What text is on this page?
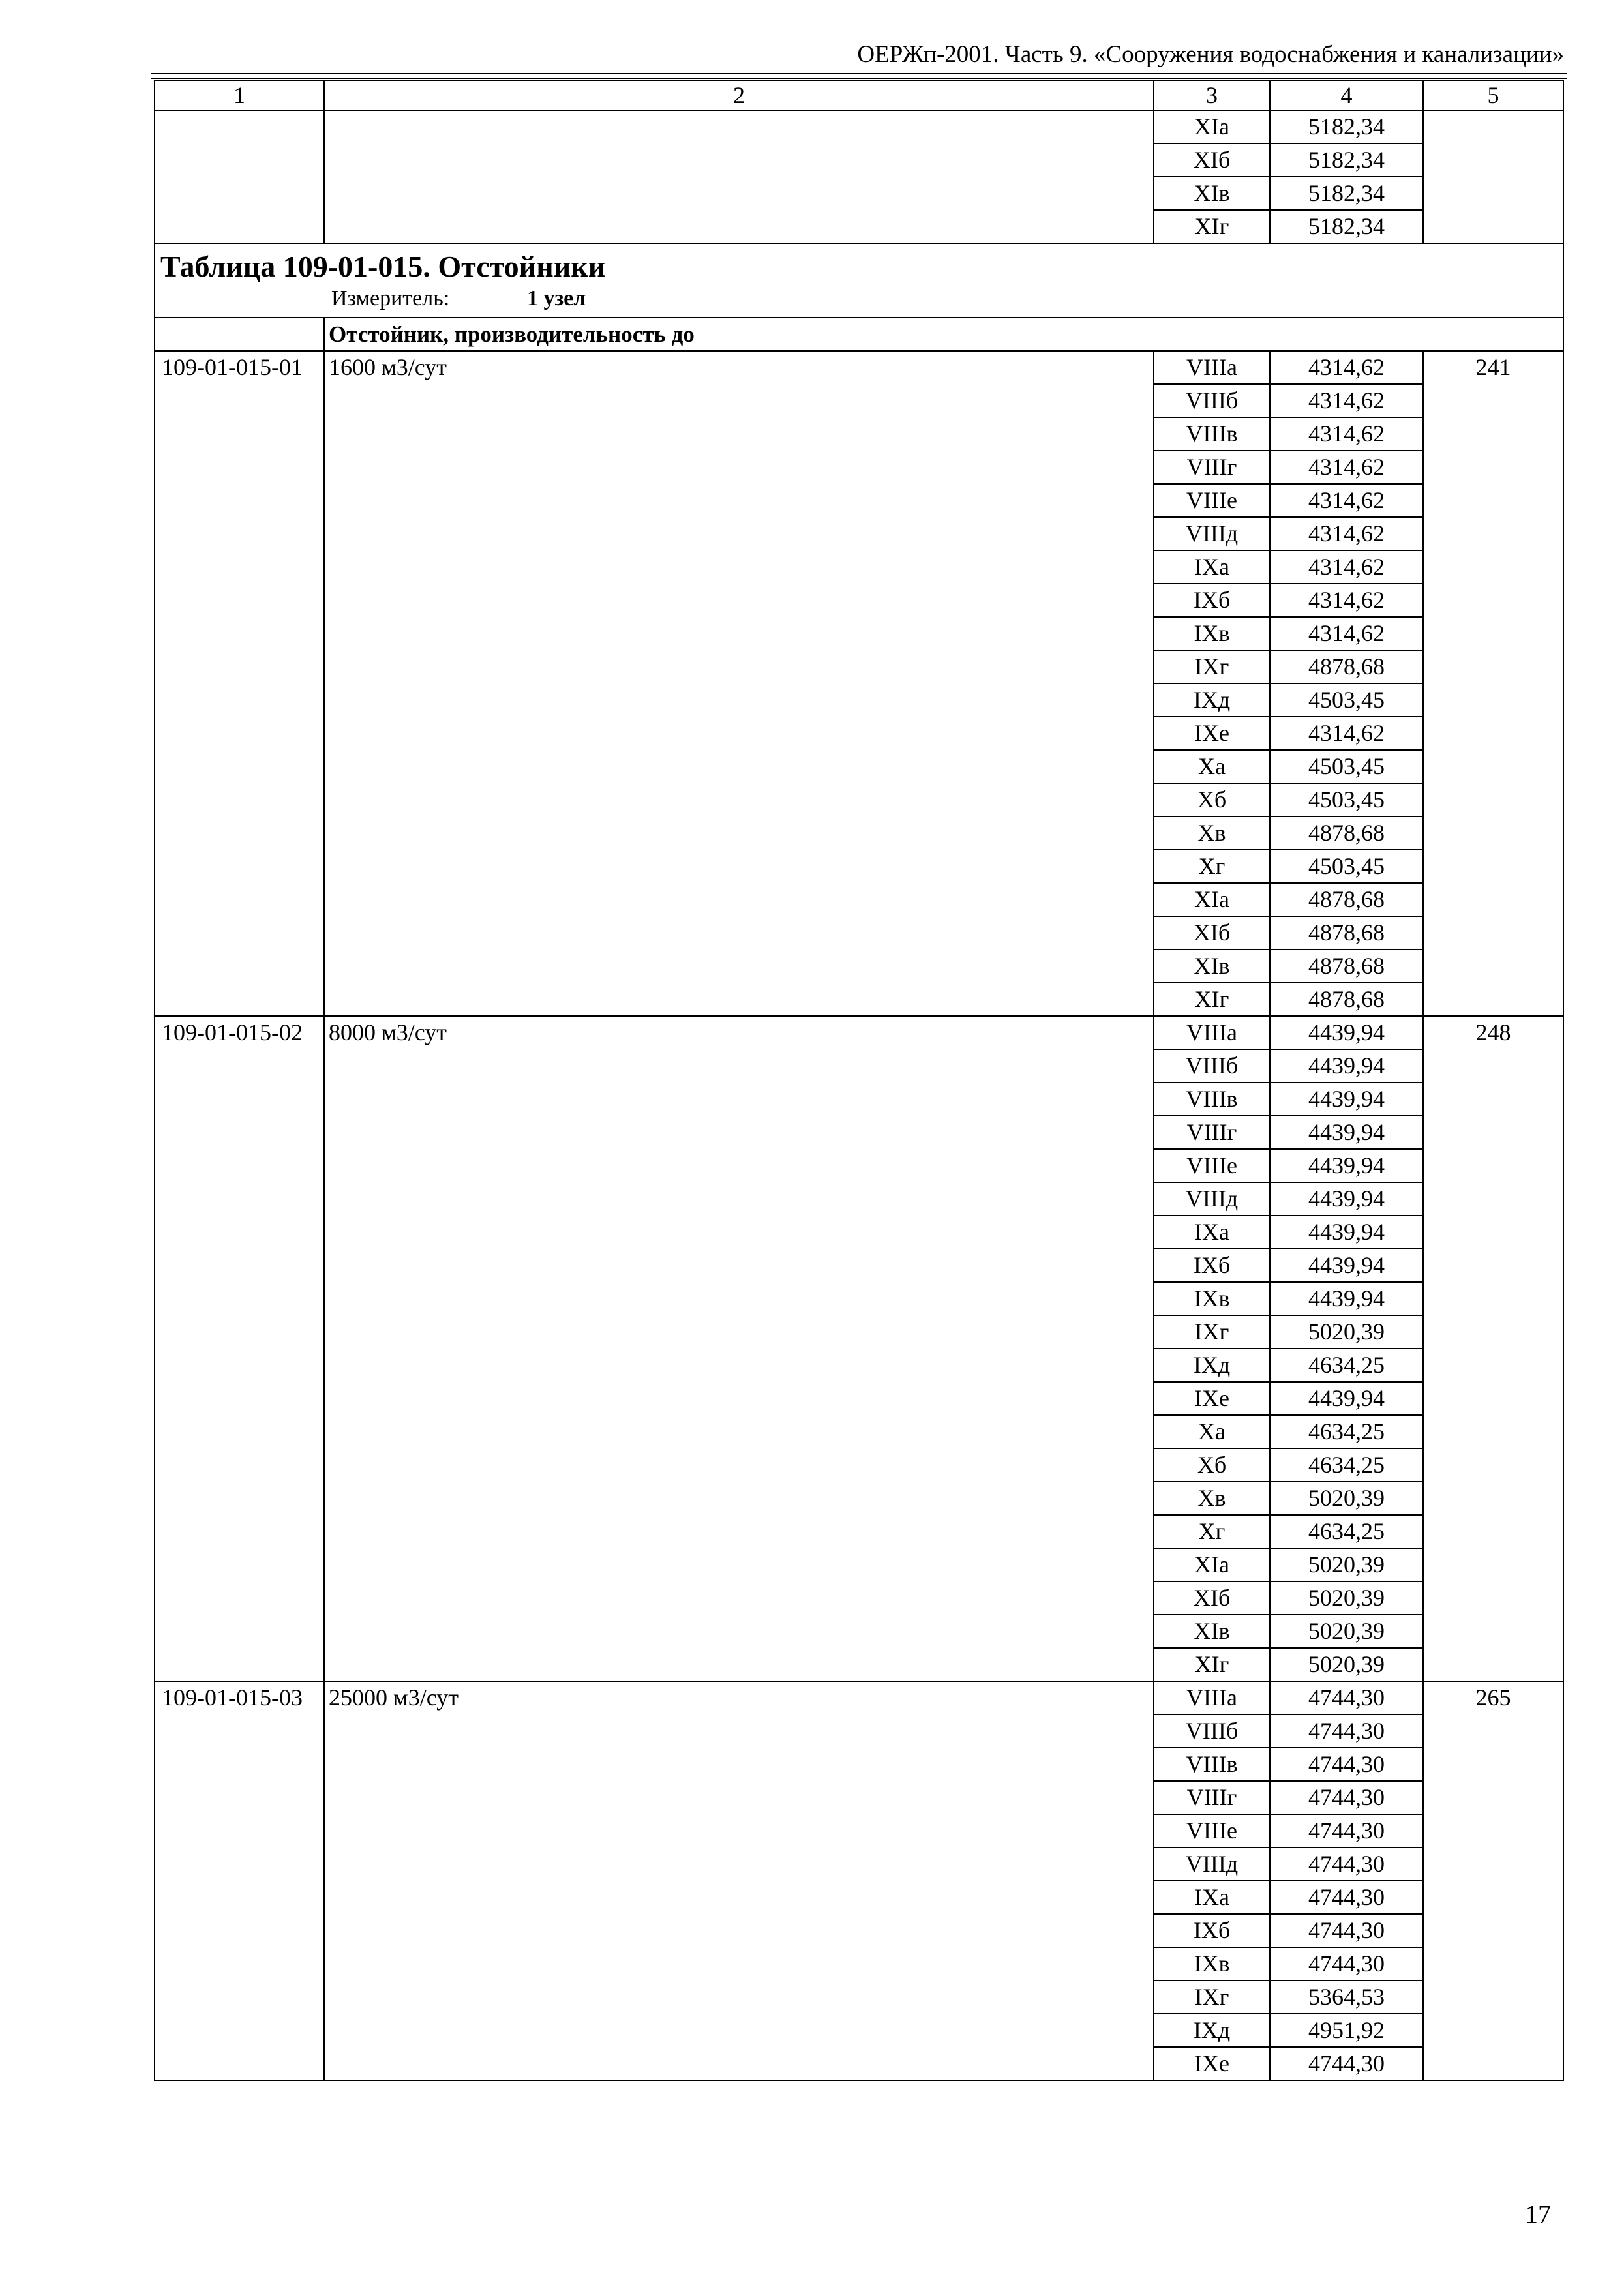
ОЕРЖп-2001. Часть 9. «Сооружения водоснабжения и канализации»
1	2	3	4	5
		XIа	5182,34	
		XIб	5182,34	
		XIв	5182,34	
		XIг	5182,34	

Таблица 109-01-015. Отстойники
Измеритель: 1 узел				

	Отстойник, производительность до			
109-01-015-01	1600 м3/сут	VIIIа	4314,62	241
		VIIIб	4314,62	
		VIIIв	4314,62	
		VIIIг	4314,62	
		VIIIе	4314,62	
		VIIIд	4314,62	
		IXа	4314,62	
		IXб	4314,62	
		IXв	4314,62	
		IXг	4878,68	
		IXд	4503,45	
		IXе	4314,62	
		Xа	4503,45	
		Xб	4503,45	
		Xв	4878,68	
		Xг	4503,45	
		XIа	4878,68	
		XIб	4878,68	
		XIв	4878,68	
		XIг	4878,68	
109-01-015-02	8000 м3/сут	VIIIа	4439,94	248
		VIIIб	4439,94	
		VIIIв	4439,94	
		VIIIг	4439,94	
		VIIIе	4439,94	
		VIIIд	4439,94	
		IXа	4439,94	
		IXб	4439,94	
		IXв	4439,94	
		IXг	5020,39	
		IXд	4634,25	
		IXе	4439,94	
		Xа	4634,25	
		Xб	4634,25	
		Xв	5020,39	
		Xг	4634,25	
		XIа	5020,39	
		XIб	5020,39	
		XIв	5020,39	
		XIг	5020,39	
109-01-015-03	25000 м3/сут	VIIIа	4744,30	265
		VIIIб	4744,30	
		VIIIв	4744,30	
		VIIIг	4744,30	
		VIIIе	4744,30	
		VIIIд	4744,30	
		IXа	4744,30	
		IXб	4744,30	
		IXв	4744,30	
		IXг	5364,53	
		IXд	4951,92	
		IXе	4744,30	
17
